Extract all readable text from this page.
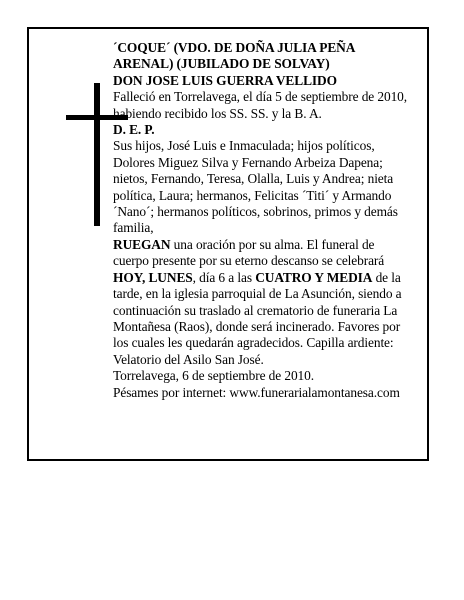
´COQUE´ (VDO. DE DOÑA JULIA PEÑA

ARENAL) (JUBILADO DE SOLVAY)

DON JOSE LUIS GUERRA VELLIDO

Falleció en Torrelavega, el día 5 de septiembre de 2010,

habiendo recibido los SS. SS. y la B. A.

D. E. P.

Sus hijos, José Luis e Inmaculada; hijos políticos,

Dolores Miguez Silva y Fernando Arbeiza Dapena;

nietos, Fernando, Teresa, Olalla, Luis y Andrea; nieta

política, Laura; hermanos, Felicitas ´Titi´ y Armando

´Nano´; hermanos políticos, sobrinos, primos y demás

familia,

RUEGAN una oración por su alma. El funeral de

cuerpo presente por su eterno descanso se celebrará

HOY, LUNES, día 6 a las CUATRO Y MEDIA de la

tarde, en la iglesia parroquial de La Asunción, siendo a

continuación su traslado al crematorio de funeraria La

Montañesa (Raos), donde será incinerado. Favores por

los cuales les quedarán agradecidos. Capilla ardiente:

Velatorio del Asilo San José.

Torrelavega, 6 de septiembre de 2010.

Pésames por internet: www.funerarialamontanesa.com
